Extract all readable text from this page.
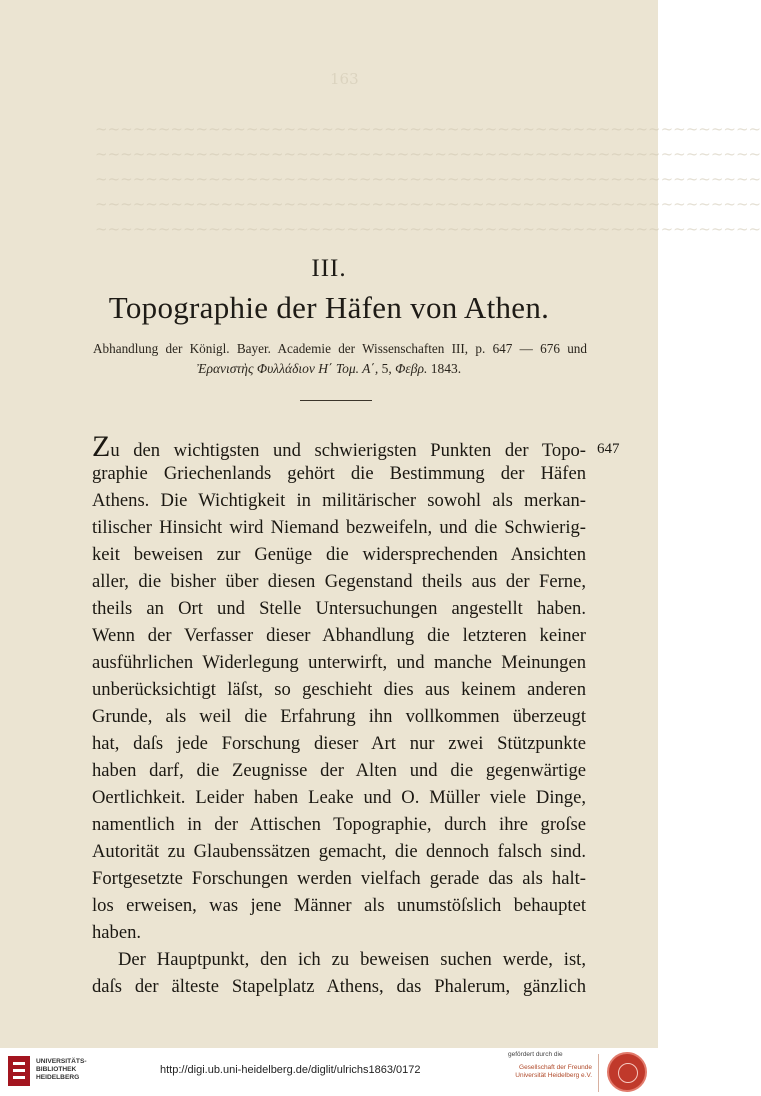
163
~~~~~~~~~~~~~~~~~~~~~~~~~~~~~~~~~~~~~~~~~~~~~~~~~~~~~
~~~~~~~~~~~~~~~~~~~~~~~~~~~~~~~~~~~~~~~~~~~~~~~~~~~~~
~~~~~~~~~~~~~~~~~~~~~~~~~~~~~~~~~~~~~~~~~~~~~~~~~~~~~
~~~~~~~~~~~~~~~~~~~~~~~~~~~~~~~~~~~~~~~~~~~~~~~~~~~~~
~~~~~~~~~~~~~~~~~~~~~~~~~~~~~~~~~~~~~~~~~~~~~~~~~~~~~
III.
Topographie der Häfen von Athen.
Abhandlung der Königl. Bayer. Academie der Wissenschaften III, p. 647 — 676 und
Ἐρανιστὴς Φυλλάδιον Η΄ Τομ. Α΄, 5, Φεβρ. 1843.
647
Zu den wichtigsten und schwierigsten Punkten der Topo-
graphie Griechenlands gehört die Bestimmung der Häfen
Athens. Die Wichtigkeit in militärischer sowohl als merkan-
tilischer Hinsicht wird Niemand bezweifeln, und die Schwierig-
keit beweisen zur Genüge die widersprechenden Ansichten
aller, die bisher über diesen Gegenstand theils aus der Ferne,
theils an Ort und Stelle Untersuchungen angestellt haben.
Wenn der Verfasser dieser Abhandlung die letzteren keiner
ausführlichen Widerlegung unterwirft, und manche Meinungen
unberücksichtigt läſst, so geschieht dies aus keinem anderen
Grunde, als weil die Erfahrung ihn vollkommen überzeugt
hat, daſs jede Forschung dieser Art nur zwei Stützpunkte
haben darf, die Zeugnisse der Alten und die gegenwärtige
Oertlichkeit. Leider haben Leake und O. Müller viele Dinge,
namentlich in der Attischen Topographie, durch ihre groſse
Autorität zu Glaubenssätzen gemacht, die dennoch falsch sind.
Fortgesetzte Forschungen werden vielfach gerade das als halt-
los erweisen, was jene Männer als unumstöſslich behauptet
haben.
Der Hauptpunkt, den ich zu beweisen suchen werde, ist,
daſs der älteste Stapelplatz Athens, das Phalerum, gänzlich
UNIVERSITÄTS-
BIBLIOTHEK
HEIDELBERG
http://digi.ub.uni-heidelberg.de/diglit/ulrichs1863/0172
gefördert durch die
Gesellschaft der Freunde
Universität Heidelberg e.V.
